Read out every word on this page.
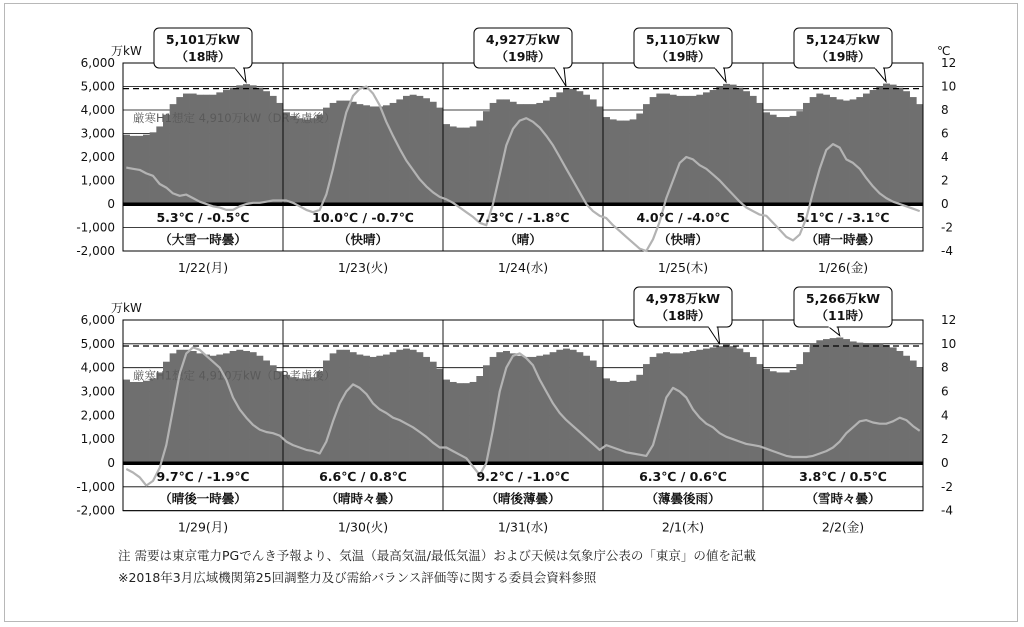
6,000
5,000
4,000
3,000
2,000
1,000
0
-1,000
-2,000
12
10
8
6
4
2
0
-2
-4
万kW	℃
厳寒H1想定 4,910万kW（DR考慮後）
5.3℃ / -0.5℃
（大雪一時曇）
1/22(月)
5,101万kW
（18時）
10.0℃ / -0.7℃
（快晴）
1/23(火)
7.3℃ / -1.8℃
（晴）
1/24(水)
4,927万kW
（19時）
4.0℃ / -4.0℃
（快晴）
1/25(木)
5,110万kW
（19時）
5.1℃ / -3.1℃
（晴一時曇）
1/26(金)
5,124万kW
（19時）
6,000
5,000
4,000
3,000
2,000
1,000
0
-1,000
-2,000
12
10
8
6
4
2
0
-2
-4
万kW
厳寒H1想定 4,910万kW（DR考慮後）
9.7℃ / -1.9℃
（晴後一時曇）
1/29(月)
6.6℃ / 0.8℃
（晴時々曇）
1/30(火)
9.2℃ / -1.0℃
（晴後薄曇）
1/31(水)
6.3℃ / 0.6℃
（薄曇後雨）
2/1(木)
4,978万kW
（18時）
3.8℃ / 0.5℃
（雪時々曇）
2/2(金)
5,266万kW
（11時）
注 需要は東京電力PGでんき予報より、気温（最高気温/最低気温）および天候は気象庁公表の「東京」の値を記載
※2018年3月広域機関第25回調整力及び需給バランス評価等に関する委員会資料参照
